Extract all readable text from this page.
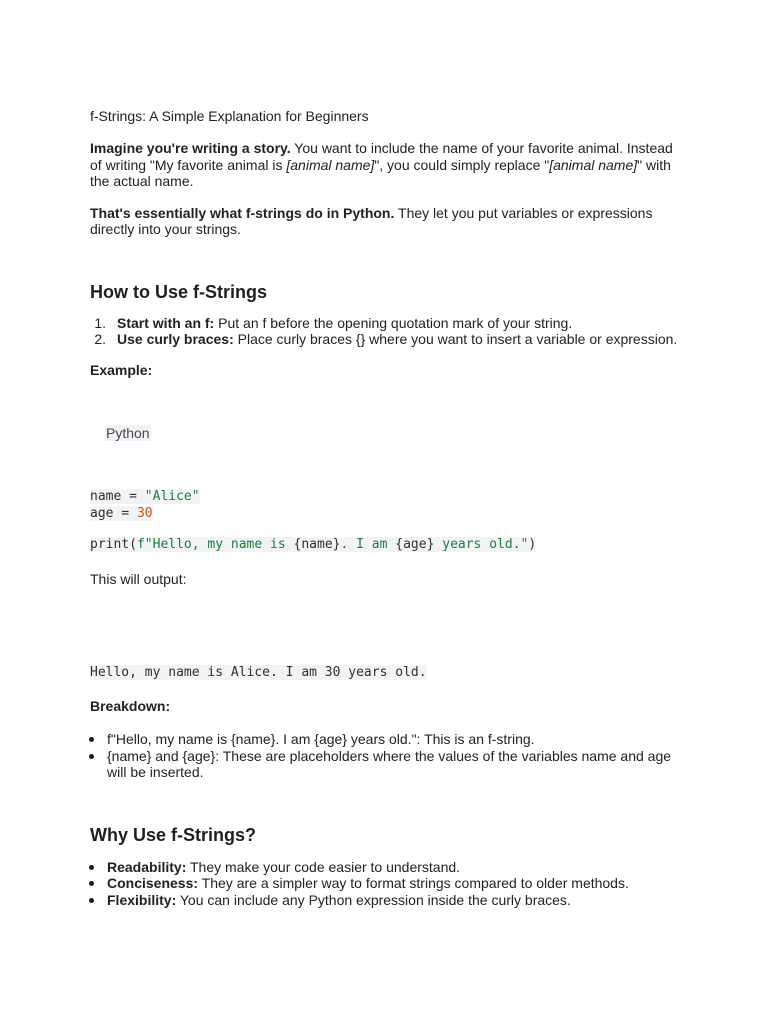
f-Strings: A Simple Explanation for Beginners

Imagine you're writing a story. You want to include the name of your favorite animal. Instead of writing "My favorite animal is [animal name]", you could simply replace "[animal name]" with the actual name.

That's essentially what f-strings do in Python. They let you put variables or expressions directly into your strings.

How to Use f-Strings
1. Start with an f: Put an f before the opening quotation mark of your string.
2. Use curly braces: Place curly braces {} where you want to insert a variable or expression.

Example:

Python
name = "Alice"
age = 30
print(f"Hello, my name is {name}. I am {age} years old.")

This will output:

Hello, my name is Alice. I am 30 years old.

Breakdown:

f"Hello, my name is {name}. I am {age} years old.": This is an f-string.
{name} and {age}: These are placeholders where the values of the variables name and age will be inserted.
Why Use f-Strings?
Readability: They make your code easier to understand.
Conciseness: They are a simpler way to format strings compared to older methods.
Flexibility: You can include any Python expression inside the curly braces.
